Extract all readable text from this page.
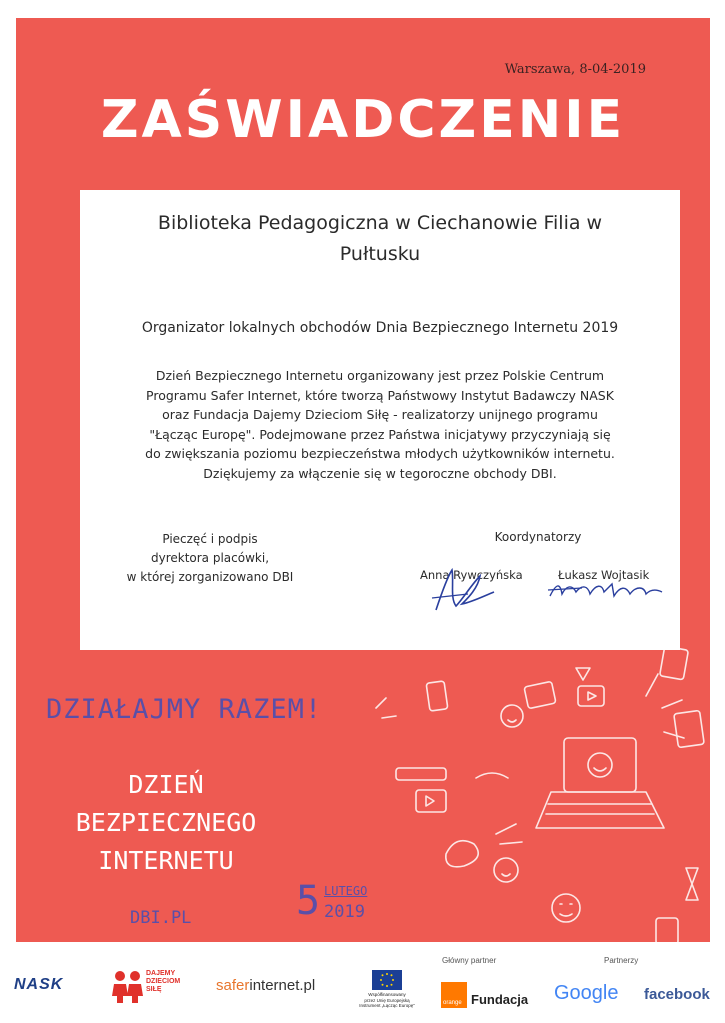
Warszawa, 8-04-2019
ZAŚWIADCZENIE
Biblioteka Pedagogiczna w Ciechanowie Filia w Pułtusku
Organizator lokalnych obchodów Dnia Bezpiecznego Internetu 2019
Dzień Bezpiecznego Internetu organizowany jest przez Polskie Centrum
Programu Safer Internet, które tworzą Państwowy Instytut Badawczy NASK
oraz Fundacja Dajemy Dzieciom Siłę - realizatorzy unijnego programu
"Łącząc Europę". Podejmowane przez Państwa inicjatywy przyczyniają się
do zwiększania poziomu bezpieczeństwa młodych użytkowników internetu.
Dziękujemy za włączenie się w tegoroczne obchody DBI.
Pieczęć i podpis
dyrektora placówki,
w której zorganizowano DBI
Koordynatorzy
Anna Rywczyńska	Łukasz Wojtasik
DZIAŁAJMY RAZEM!
DZIEŃ
BEZPIECZNEGO
INTERNETU
DBI.PL	5 LUTEGO
2019
NASK
DAJEMY
DZIECIOM
SIŁĘ	saferinternet.pl
Współfinansowany
przez Unię Europejską
Instrument „Łącząc Europę”
Główny partner
orange Fundacja
Partnerzy
Google facebook
